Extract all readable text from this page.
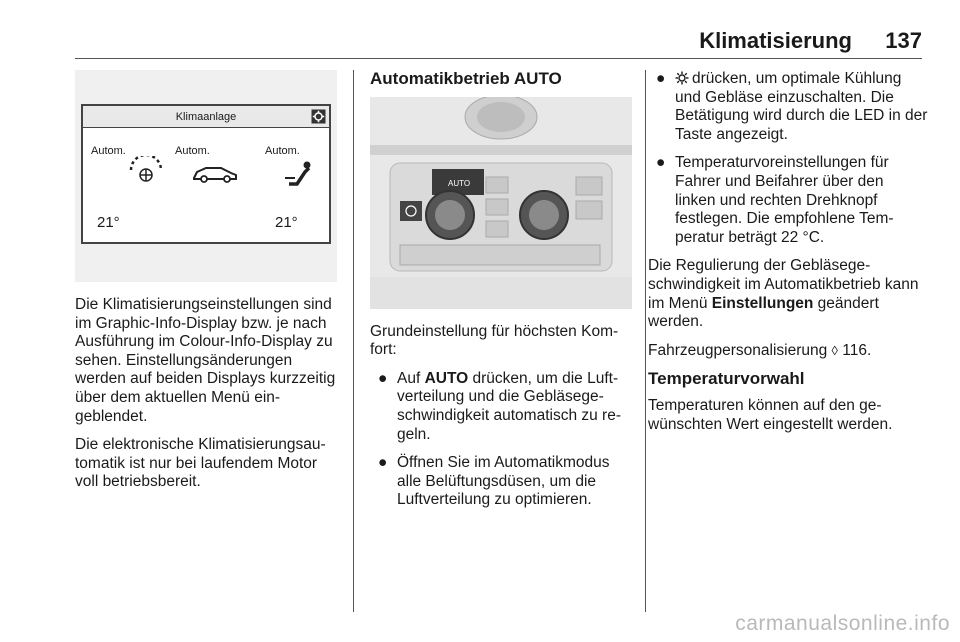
Klimatisierung 137
Klimaanlage
Autom.	Autom.	Autom.
21°	21°

Die Klimatisierungseinstellungen sind im Graphic-Info-Display bzw. je nach Ausführung im Colour-Info-Display zu sehen. Einstellungsänderungen werden auf beiden Displays kurzzeitig über dem aktuellen Menü eingeblendet.

Die elektronische Klimatisierungsautomatik ist nur bei laufendem Motor voll betriebsbereit.

Automatikbetrieb AUTO
AUTO

Grundeinstellung für höchsten Komfort:

● Auf AUTO drücken, um die Luftverteilung und die Gebläsegeschwindigkeit automatisch zu regeln.
● Öffnen Sie im Automatikmodus alle Belüftungsdüsen, um die Luftverteilung zu optimieren.
● drücken, um optimale Kühlung und Gebläse einzuschalten. Die Betätigung wird durch die LED in der Taste angezeigt.
● Temperaturvoreinstellungen für Fahrer und Beifahrer über den linken und rechten Drehknopf festlegen. Die empfohlene Temperatur beträgt 22 °C.

Die Regulierung der Gebläsegeschwindigkeit im Automatikbetrieb kann im Menü Einstellungen geändert werden.

Fahrzeugpersonalisierung ◊ 116.

Temperaturvorwahl

Temperaturen können auf den gewünschten Wert eingestellt werden.

carmanualsonline.info
